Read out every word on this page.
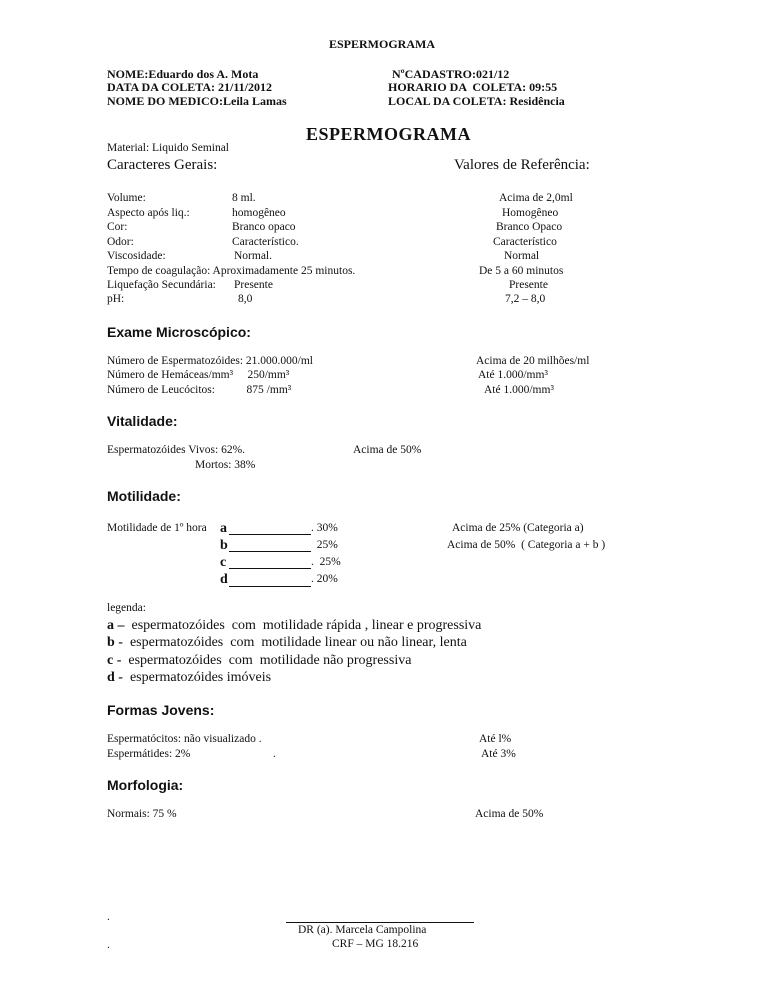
ESPERMOGRAMA
NOME:Eduardo dos A. Mota	NºCADASTRO:021/12
DATA DA COLETA: 21/11/2012	HORARIO DA  COLETA: 09:55
NOME DO MEDICO:Leila Lamas	LOCAL DA COLETA: Residência
ESPERMOGRAMA
Material: Liquido Seminal
Caracteres Gerais:	Valores de Referência:
Volume:	8 ml.	Acima de 2,0ml
Aspecto após liq.:	homogêneo	Homogêneo
Cor:	Branco opaco	Branco Opaco
Odor:	Característico.	Característico
Viscosidade:	Normal.	Normal
Tempo de coagulação: Aproximadamente 25 minutos.	De 5 a 60 minutos
Liquefação Secundária: Presente	Presente
pH:	8,0	7,2 – 8,0
Exame Microscópico:
Número de Espermatozóides: 21.000.000/ml	Acima de 20 milhões/ml
Número de Hemáceas/mm³     250/mm³	Até 1.000/mm³
Número de Leucócitos:           875 /mm³	Até 1.000/mm³
Vitalidade:
Espermatozóides Vivos: 62%.	Acima de 50%
Mortos: 38%
Motilidade:
Motilidade de 1º hora a	. 30%	Acima de 25% (Categoria a)
b	25%	Acima de 50%  ( Categoria a + b )
c	.  25%
d	. 20%
legenda:
a –  espermatozóides  com  motilidade rápida , linear e progressiva
b -  espermatozóides  com  motilidade linear ou não linear, lenta
c -  espermatozóides  com  motilidade não progressiva
d -  espermatozóides imóveis
Formas Jovens:
Espermatócitos: não visualizado .	Até l%
Espermátides: 2%	.	Até 3%
Morfologia:
Normais: 75 %	Acima de 50%
.
DR (a). Marcela Campolina
.	CRF – MG 18.216
